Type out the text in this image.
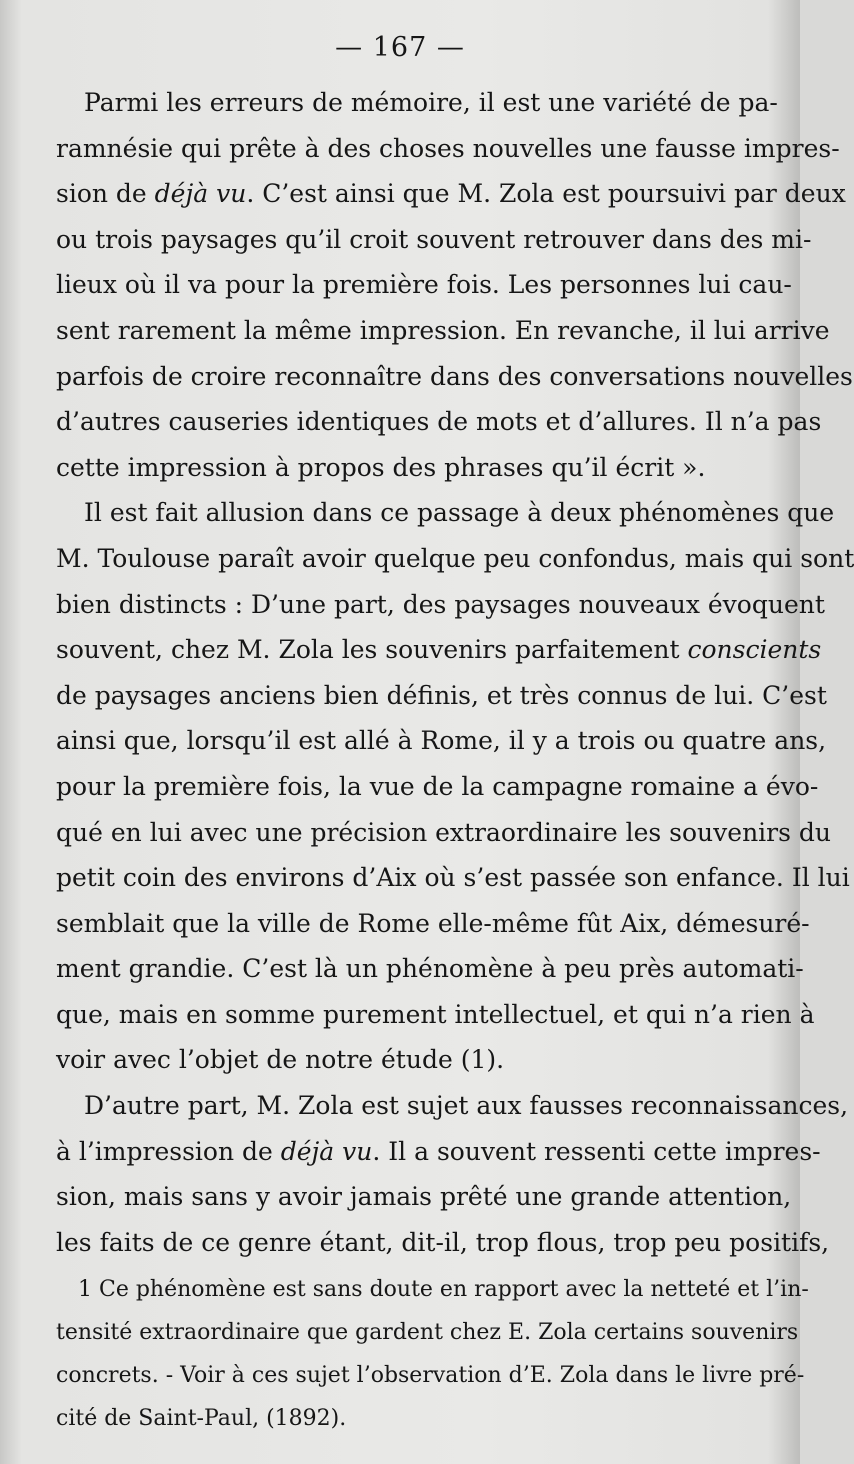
— 167 —
Parmi les erreurs de mémoire, il est une variété de pa-
ramnésie qui prête à des choses nouvelles une fausse impres-
sion de déjà vu. C’est ainsi que M. Zola est poursuivi par deux
ou trois paysages qu’il croit souvent retrouver dans des mi-
lieux où il va pour la première fois. Les personnes lui cau-
sent rarement la même impression. En revanche, il lui arrive
parfois de croire reconnaître dans des conversations nouvelles
d’autres causeries identiques de mots et d’allures. Il n’a pas
cette impression à propos des phrases qu’il écrit ».
Il est fait allusion dans ce passage à deux phénomènes que
M. Toulouse paraît avoir quelque peu confondus, mais qui sont
bien distincts : D’une part, des paysages nouveaux évoquent
souvent, chez M. Zola les souvenirs parfaitement conscients
de paysages anciens bien définis, et très connus de lui. C’est
ainsi que, lorsqu’il est allé à Rome, il y a trois ou quatre ans,
pour la première fois, la vue de la campagne romaine a évo-
qué en lui avec une précision extraordinaire les souvenirs du
petit coin des environs d’Aix où s’est passée son enfance. Il lui
semblait que la ville de Rome elle-même fût Aix, démesuré-
ment grandie. C’est là un phénomène à peu près automati-
que, mais en somme purement intellectuel, et qui n’a rien à
voir avec l’objet de notre étude (1).
D’autre part, M. Zola est sujet aux fausses reconnaissances,
à l’impression de déjà vu. Il a souvent ressenti cette impres-
sion, mais sans y avoir jamais prêté une grande attention,
les faits de ce genre étant, dit-il, trop flous, trop peu positifs,
1 Ce phénomène est sans doute en rapport avec la netteté et l’in-
tensité extraordinaire que gardent chez E. Zola certains souvenirs
concrets. - Voir à ces sujet l’observation d’E. Zola dans le livre pré-
cité de Saint-Paul, (1892).
